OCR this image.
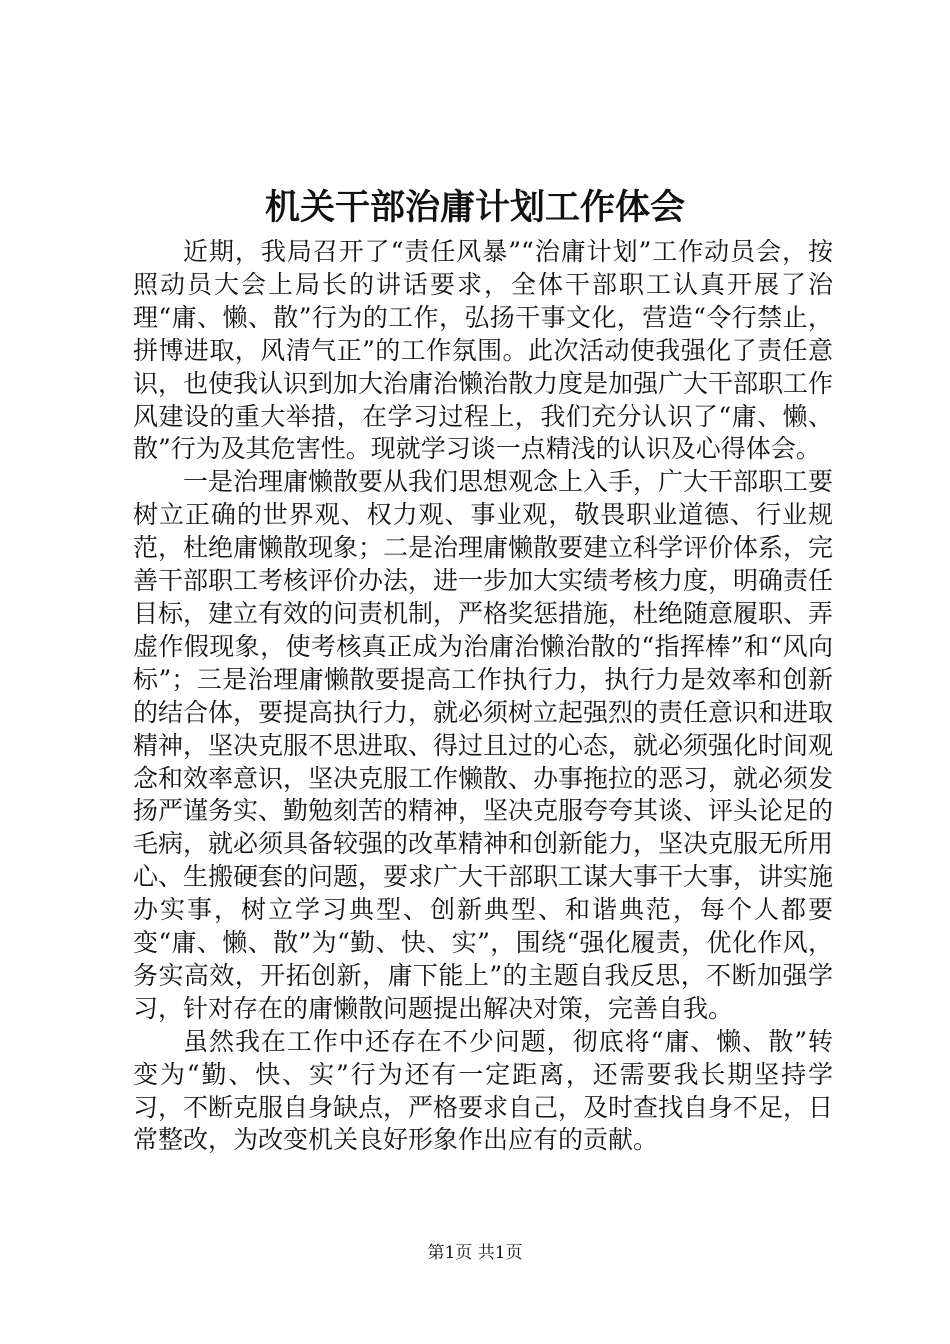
机关干部治庸计划工作体会

近期，我局召开了“责任风暴”“治庸计划”工作动员会，按照动员大会上局长的讲话要求，全体干部职工认真开展了治理“庸、懒、散”行为的工作，弘扬干事文化，营造“令行禁止，拼博进取，风清气正”的工作氛围。此次活动使我强化了责任意识，也使我认识到加大治庸治懒治散力度是加强广大干部职工作风建设的重大举措，在学习过程上，我们充分认识了“庸、懒、散”行为及其危害性。现就学习谈一点精浅的认识及心得体会。

一是治理庸懒散要从我们思想观念上入手，广大干部职工要树立正确的世界观、权力观、事业观，敬畏职业道德、行业规范，杜绝庸懒散现象；二是治理庸懒散要建立科学评价体系，完善干部职工考核评价办法，进一步加大实绩考核力度，明确责任目标，建立有效的问责机制，严格奖惩措施，杜绝随意履职、弄虚作假现象，使考核真正成为治庸治懒治散的“指挥棒”和“风向标”；三是治理庸懒散要提高工作执行力，执行力是效率和创新的结合体，要提高执行力，就必须树立起强烈的责任意识和进取精神，坚决克服不思进取、得过且过的心态，就必须强化时间观念和效率意识，坚决克服工作懒散、办事拖拉的恶习，就必须发扬严谨务实、勤勉刻苦的精神，坚决克服夸夸其谈、评头论足的毛病，就必须具备较强的改革精神和创新能力，坚决克服无所用心、生搬硬套的问题，要求广大干部职工谋大事干大事，讲实施办实事，树立学习典型、创新典型、和谐典范，每个人都要变“庸、懒、散”为“勤、快、实”，围绕“强化履责，优化作风，务实高效，开拓创新，庸下能上”的主题自我反思，不断加强学习，针对存在的庸懒散问题提出解决对策，完善自我。

虽然我在工作中还存在不少问题，彻底将“庸、懒、散”转变为“勤、快、实”行为还有一定距离，还需要我长期坚持学习，不断克服自身缺点，严格要求自己，及时查找自身不足，日常整改，为改变机关良好形象作出应有的贡献。

第1页 共1页
